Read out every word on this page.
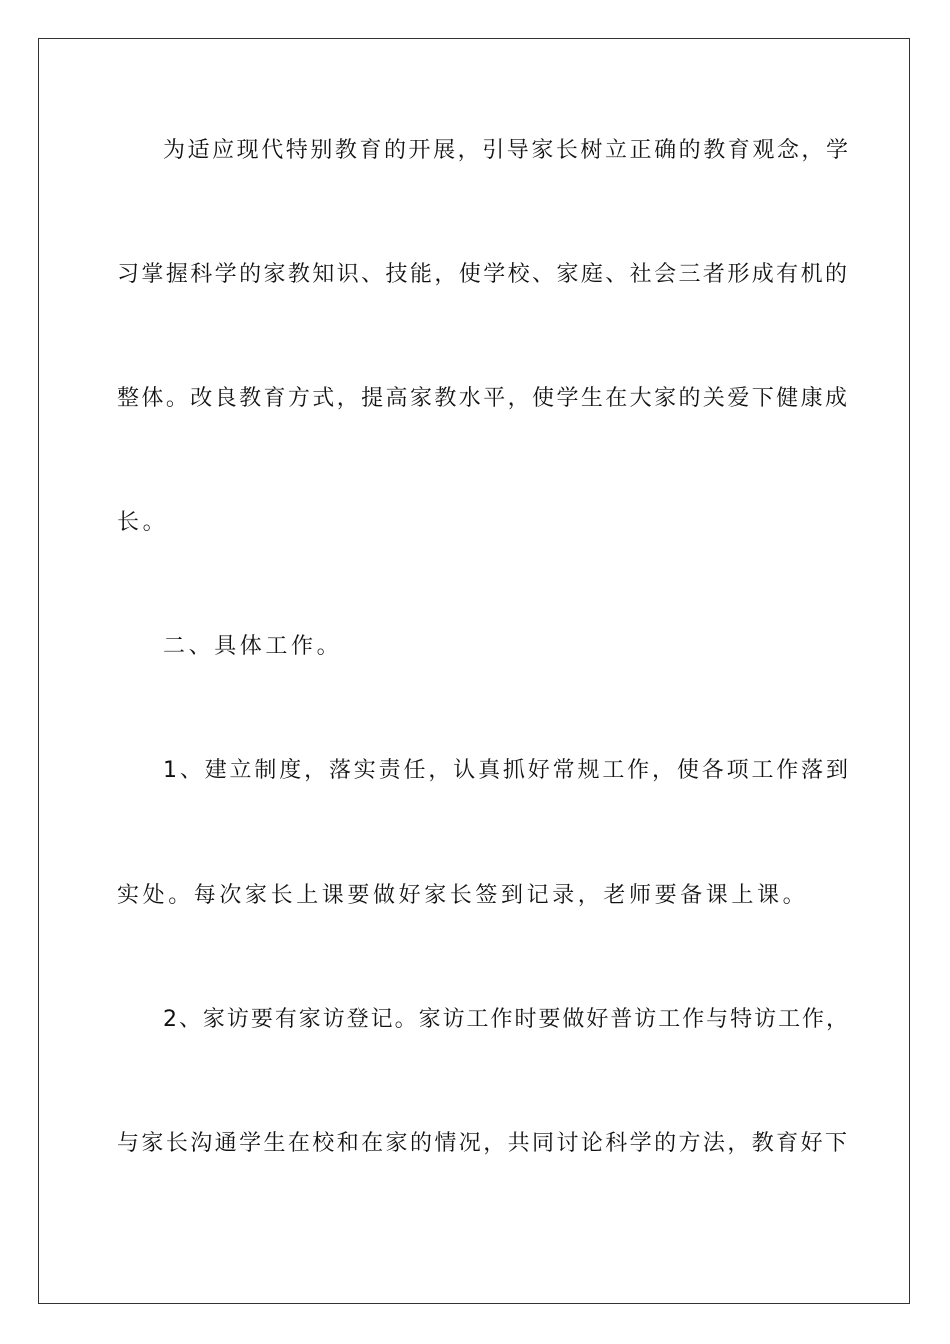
为适应现代特别教育的开展，引导家长树立正确的教育观念，学
习掌握科学的家教知识、技能，使学校、家庭、社会三者形成有机的
整体。改良教育方式，提高家教水平，使学生在大家的关爱下健康成
长。
二、具体工作。
1、建立制度，落实责任，认真抓好常规工作，使各项工作落到
实处。每次家长上课要做好家长签到记录，老师要备课上课。
2、家访要有家访登记。家访工作时要做好普访工作与特访工作，
与家长沟通学生在校和在家的情况，共同讨论科学的方法，教育好下
